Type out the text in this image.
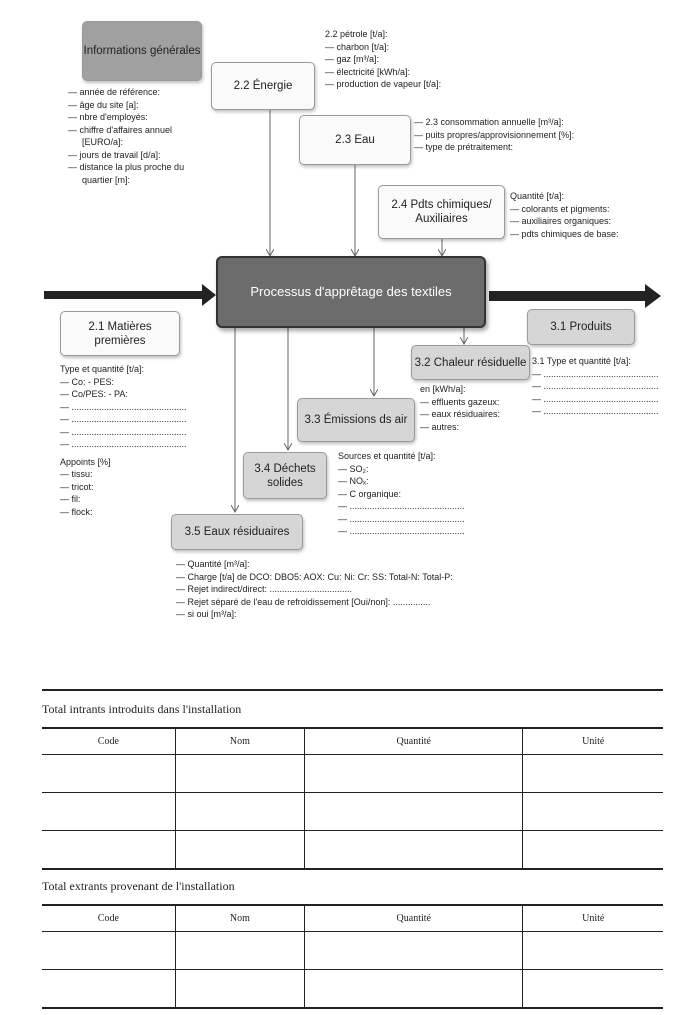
Informations générales
2.2 Énergie
2.3 Eau
2.4 Pdts chimiques/
Auxiliaires
Processus d'apprêtage des textiles
2.1 Matières
premières
3.1 Produits
3.2 Chaleur résiduelle
3.3 Émissions ds air
3.4 Déchets
solides
3.5 Eaux résiduaires
— année de référence:
— âge du site [a]:
— nbre d'employés:
— chiffre d'affaires annuel
[EURO/a]:
— jours de travail [d/a]:
— distance la plus proche du
quartier [m]:
2.2 pétrole [t/a]:
— charbon [t/a]:
— gaz [m³/a]:
— électricité [kWh/a]:
— production de vapeur [t/a]:
— 2.3 consommation annuelle [m³/a]:
— puits propres/approvisionnement [%]:
— type de prétraitement:
Quantité [t/a]:
— colorants et pigments:
— auxiliaires organiques:
— pdts chimiques de base:
Type et quantité [t/a]:
— Co: - PES:
— Co/PES: - PA:
— ..............................................
— ..............................................
— ..............................................
— ..............................................
Appoints [%]
— tissu:
— tricot:
— fil:
— flock:
3.1 Type et quantité [t/a]:
— ..............................................
— ..............................................
— ..............................................
— ..............................................
en [kWh/a]:
— effluents gazeux:
— eaux résiduaires:
— autres:
Sources et quantité [t/a]:
— SO₂:
— NOₓ:
— C organique:
— ..............................................
— ..............................................
— ..............................................
— Quantité [m³/a]:
— Charge [t/a] de DCO: DBO5: AOX: Cu: Ni: Cr: SS: Total-N: Total-P:
— Rejet indirect/direct: .................................
— Rejet séparé de l'eau de refroidissement [Oui/non]: ...............
— si oui [m³/a]:
Total intrants introduits dans l'installation
Code	Nom	Quantité	Unité

Total extrants provenant de l'installation
Code	Nom	Quantité	Unité
